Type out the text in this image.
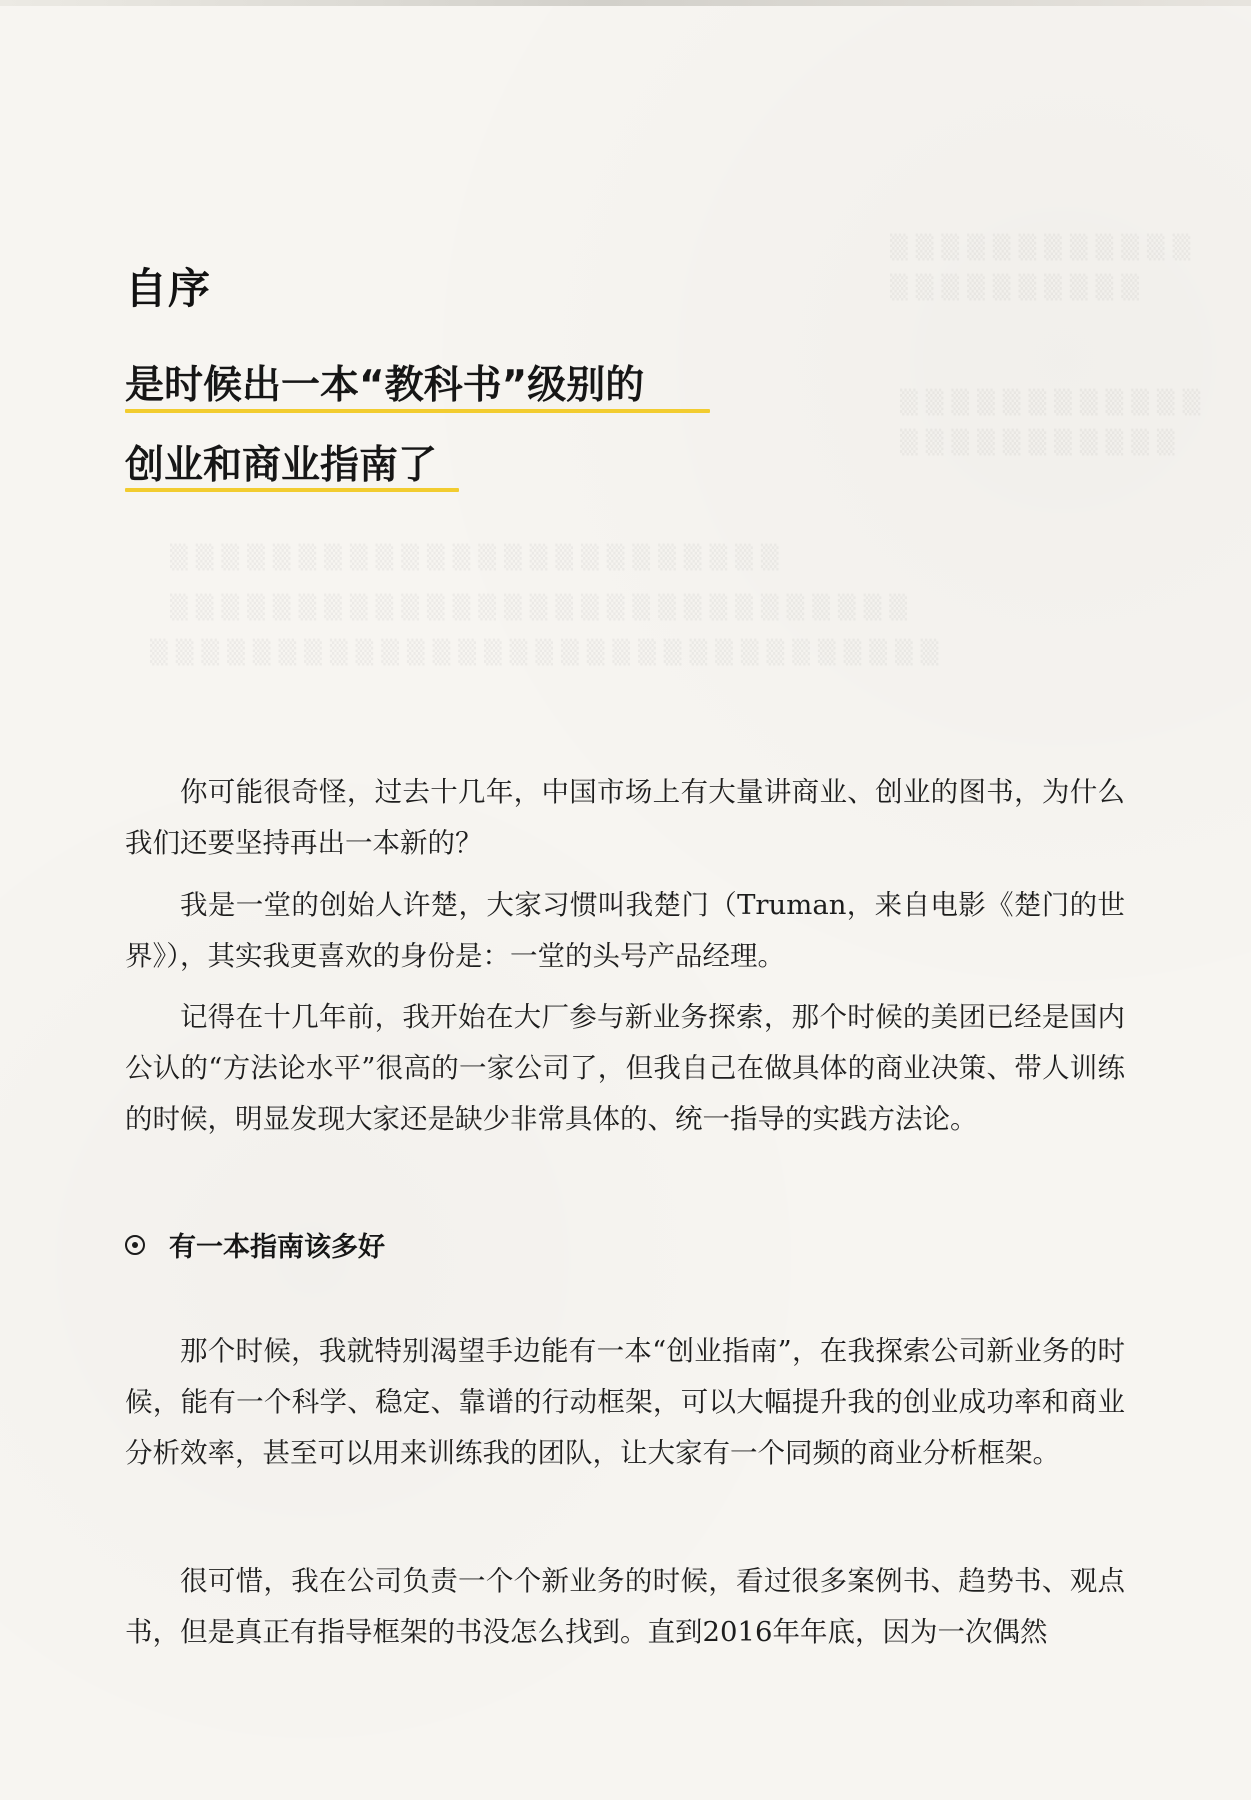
▒▒▒▒▒▒▒▒▒▒▒▒
▒▒▒▒▒▒▒▒▒▒
▒▒▒▒▒▒▒▒▒▒▒▒
▒▒▒▒▒▒▒▒▒▒▒
▒▒▒▒▒▒▒▒▒▒▒▒▒▒▒▒▒▒▒▒▒▒▒▒
▒▒▒▒▒▒▒▒▒▒▒▒▒▒▒▒▒▒▒▒▒▒▒▒▒▒▒▒▒
▒▒▒▒▒▒▒▒▒▒▒▒▒▒▒▒▒▒▒▒▒▒▒▒▒▒▒▒▒▒▒
自序
是时候出一本“教科书”级别的
创业和商业指南了

你可能很奇怪，过去十几年，中国市场上有大量讲商业、创业的图书，为什么我们还要坚持再出一本新的？

我是一堂的创始人许楚，大家习惯叫我楚门（Truman，来自电影《楚门的世界》），其实我更喜欢的身份是：一堂的头号产品经理。

记得在十几年前，我开始在大厂参与新业务探索，那个时候的美团已经是国内公认的“方法论水平”很高的一家公司了，但我自己在做具体的商业决策、带人训练的时候，明显发现大家还是缺少非常具体的、统一指导的实践方法论。

有一本指南该多好

那个时候，我就特别渴望手边能有一本“创业指南”，在我探索公司新业务的时候，能有一个科学、稳定、靠谱的行动框架，可以大幅提升我的创业成功率和商业分析效率，甚至可以用来训练我的团队，让大家有一个同频的商业分析框架。

很可惜，我在公司负责一个个新业务的时候，看过很多案例书、趋势书、观点书，但是真正有指导框架的书没怎么找到。直到2016年年底，因为一次偶然
